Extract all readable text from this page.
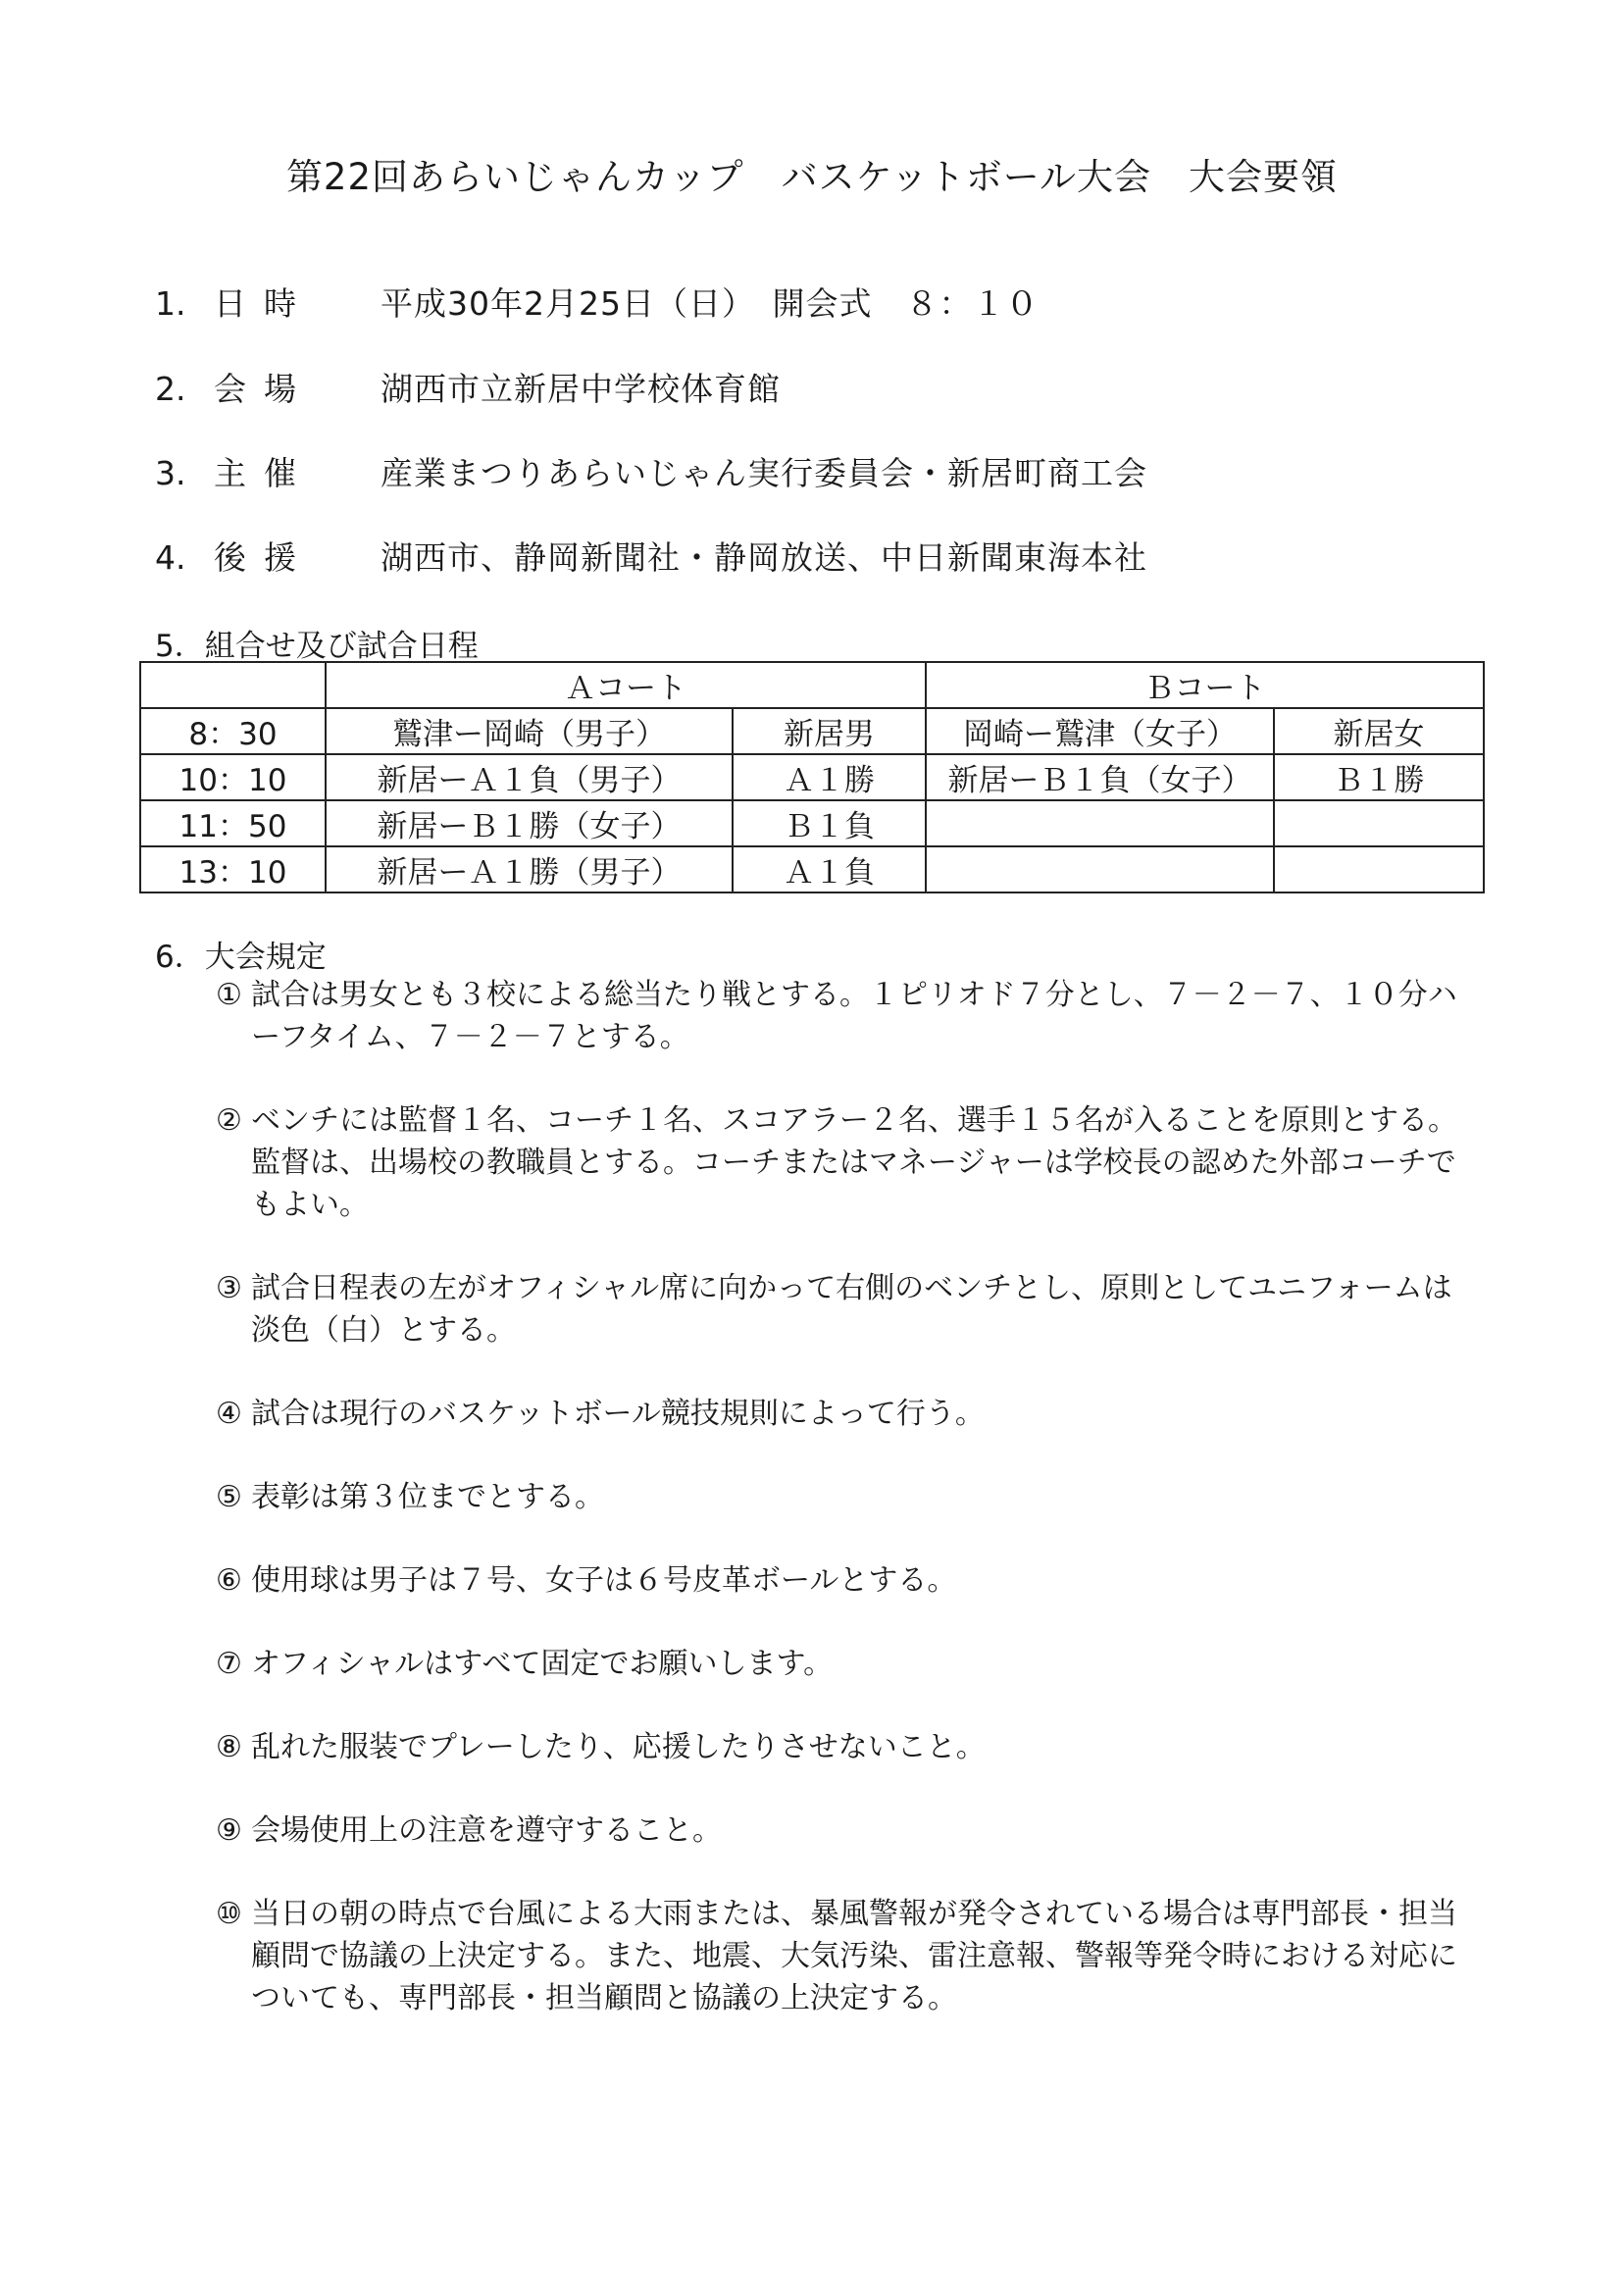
第22回あらいじゃんカップ　バスケットボール大会　大会要領
1. 日時	平成30年2月25日（日）　開会式　８：１０
2. 会場	湖西市立新居中学校体育館
3. 主催	産業まつりあらいじゃん実行委員会・新居町商工会
4. 後援	湖西市、静岡新聞社・静岡放送、中日新聞東海本社
5．組合せ及び試合日程
	Ａコート		Ｂコート	
8：30	鷲津ー岡崎（男子）	新居男	岡崎ー鷲津（女子）	新居女
10：10	新居ーＡ１負（男子）	Ａ１勝	新居ーＢ１負（女子）	Ｂ１勝
11：50	新居ーＢ１勝（女子）	Ｂ１負		
13：10	新居ーＡ１勝（男子）	Ａ１負		
6．大会規定
① 試合は男女とも３校による総当たり戦とする。１ピリオド７分とし、７－２－７、１０分ハーフタイム、７－２－７とする。
② ベンチには監督１名、コーチ１名、スコアラー２名、選手１５名が入ることを原則とする。監督は、出場校の教職員とする。コーチまたはマネージャーは学校長の認めた外部コーチでもよい。
③ 試合日程表の左がオフィシャル席に向かって右側のベンチとし、原則としてユニフォームは淡色（白）とする。
④ 試合は現行のバスケットボール競技規則によって行う。
⑤ 表彰は第３位までとする。
⑥ 使用球は男子は７号、女子は６号皮革ボールとする。
⑦ オフィシャルはすべて固定でお願いします。
⑧ 乱れた服装でプレーしたり、応援したりさせないこと。
⑨ 会場使用上の注意を遵守すること。
⑩ 当日の朝の時点で台風による大雨または、暴風警報が発令されている場合は専門部長・担当顧問で協議の上決定する。また、地震、大気汚染、雷注意報、警報等発令時における対応についても、専門部長・担当顧問と協議の上決定する。
